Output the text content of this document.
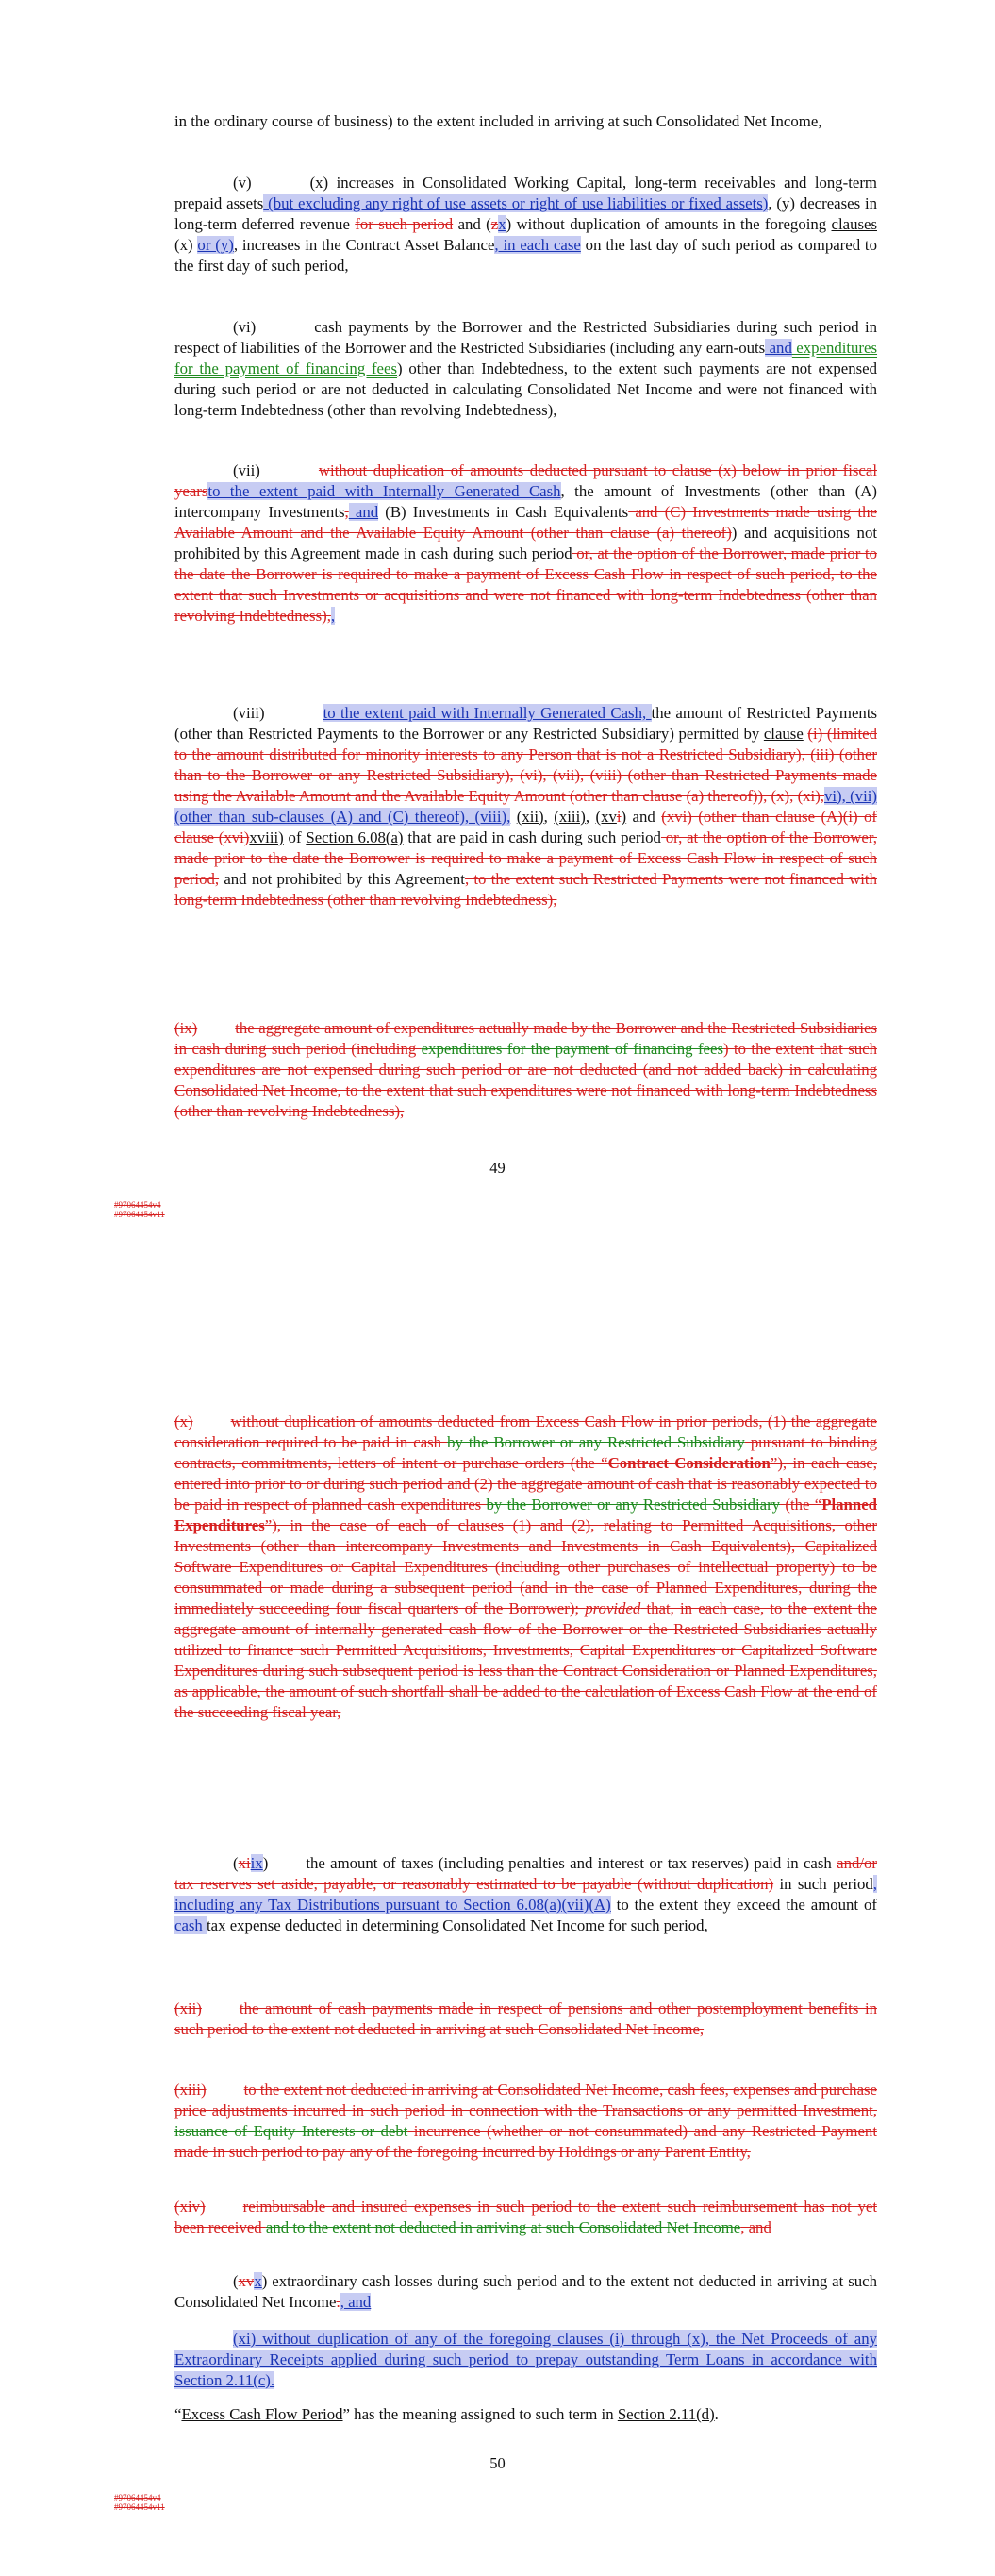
in the ordinary course of business) to the extent included in arriving at such Consolidated Net Income,

(v)	(x) increases in Consolidated Working Capital, long-term receivables and long-term prepaid assets (but excluding any right of use assets or right of use liabilities or fixed assets), (y) decreases in long-term deferred revenue for such period and (zx) without duplication of amounts in the foregoing clauses (x) or (y), increases in the Contract Asset Balance, in each case on the last day of such period as compared to the first day of such period,

(vi)	cash payments by the Borrower and the Restricted Subsidiaries during such period in respect of liabilities of the Borrower and the Restricted Subsidiaries (including any earn-outs and expenditures for the payment of financing fees) other than Indebtedness, to the extent such payments are not expensed during such period or are not deducted in calculating Consolidated Net Income and were not financed with long-term Indebtedness (other than revolving Indebtedness),

(vii)	without duplication of amounts deducted pursuant to clause (x) below in prior fiscal yearsto the extent paid with Internally Generated Cash, the amount of Investments (other than (A) intercompany Investments, and (B) Investments in Cash Equivalents and (C) Investments made using the Available Amount and the Available Equity Amount (other than clause (a) thereof)) and acquisitions not prohibited by this Agreement made in cash during such period or, at the option of the Borrower, made prior to the date the Borrower is required to make a payment of Excess Cash Flow in respect of such period, to the extent that such Investments or acquisitions and were not financed with long-term Indebtedness (other than revolving Indebtedness),,

(viii)	to the extent paid with Internally Generated Cash, the amount of Restricted Payments (other than Restricted Payments to the Borrower or any Restricted Subsidiary) permitted by clause (i) (limited to the amount distributed for minority interests to any Person that is not a Restricted Subsidiary), (iii) (other than to the Borrower or any Restricted Subsidiary), (vi), (vii), (viii) (other than Restricted Payments made using the Available Amount and the Available Equity Amount (other than clause (a) thereof)), (x), (xi),vi), (vii) (other than sub-clauses (A) and (C) thereof), (viii), (xii), (xiii), (xvi) and (xvi) (other than clause (A)(i) of clause (xvi)xviii) of Section 6.08(a) that are paid in cash during such period or, at the option of the Borrower, made prior to the date the Borrower is required to make a payment of Excess Cash Flow in respect of such period, and not prohibited by this Agreement, to the extent such Restricted Payments were not financed with long-term Indebtedness (other than revolving Indebtedness),

(ix) the aggregate amount of expenditures actually made by the Borrower and the Restricted Subsidiaries in cash during such period (including expenditures for the payment of financing fees) to the extent that such expenditures are not expensed during such period or are not deducted (and not added back) in calculating Consolidated Net Income, to the extent that such expenditures were not financed with long-term Indebtedness (other than revolving Indebtedness),

49
#97064454v4
#97064454v11

(x) without duplication of amounts deducted from Excess Cash Flow in prior periods, (1) the aggregate consideration required to be paid in cash by the Borrower or any Restricted Subsidiary pursuant to binding contracts, commitments, letters of intent or purchase orders (the “Contract Consideration”), in each case, entered into prior to or during such period and (2) the aggregate amount of cash that is reasonably expected to be paid in respect of planned cash expenditures by the Borrower or any Restricted Subsidiary (the “Planned Expenditures”), in the case of each of clauses (1) and (2), relating to Permitted Acquisitions, other Investments (other than intercompany Investments and Investments in Cash Equivalents), Capitalized Software Expenditures or Capital Expenditures (including other purchases of intellectual property) to be consummated or made during a subsequent period (and in the case of Planned Expenditures, during the immediately succeeding four fiscal quarters of the Borrower); provided that, in each case, to the extent the aggregate amount of internally generated cash flow of the Borrower or the Restricted Subsidiaries actually utilized to finance such Permitted Acquisitions, Investments, Capital Expenditures or Capitalized Software Expenditures during such subsequent period is less than the Contract Consideration or Planned Expenditures, as applicable, the amount of such shortfall shall be added to the calculation of Excess Cash Flow at the end of the succeeding fiscal year,

(xiix) the amount of taxes (including penalties and interest or tax reserves) paid in cash and/or tax reserves set aside, payable, or reasonably estimated to be payable (without duplication) in such period, including any Tax Distributions pursuant to Section 6.08(a)(vii)(A) to the extent they exceed the amount of cash tax expense deducted in determining Consolidated Net Income for such period,

(xii) the amount of cash payments made in respect of pensions and other postemployment benefits in such period to the extent not deducted in arriving at such Consolidated Net Income,

(xiii) to the extent not deducted in arriving at Consolidated Net Income, cash fees, expenses and purchase price adjustments incurred in such period in connection with the Transactions or any permitted Investment, issuance of Equity Interests or debt incurrence (whether or not consummated) and any Restricted Payment made in such period to pay any of the foregoing incurred by Holdings or any Parent Entity,

(xiv) reimbursable and insured expenses in such period to the extent such reimbursement has not yet been received and to the extent not deducted in arriving at such Consolidated Net Income, and

(xvx) extraordinary cash losses during such period and to the extent not deducted in arriving at such Consolidated Net Income., and

(xi) without duplication of any of the foregoing clauses (i) through (x), the Net Proceeds of any Extraordinary Receipts applied during such period to prepay outstanding Term Loans in accordance with Section 2.11(c).

“Excess Cash Flow Period” has the meaning assigned to such term in Section 2.11(d).

50
#97064454v4
#97064454v11
